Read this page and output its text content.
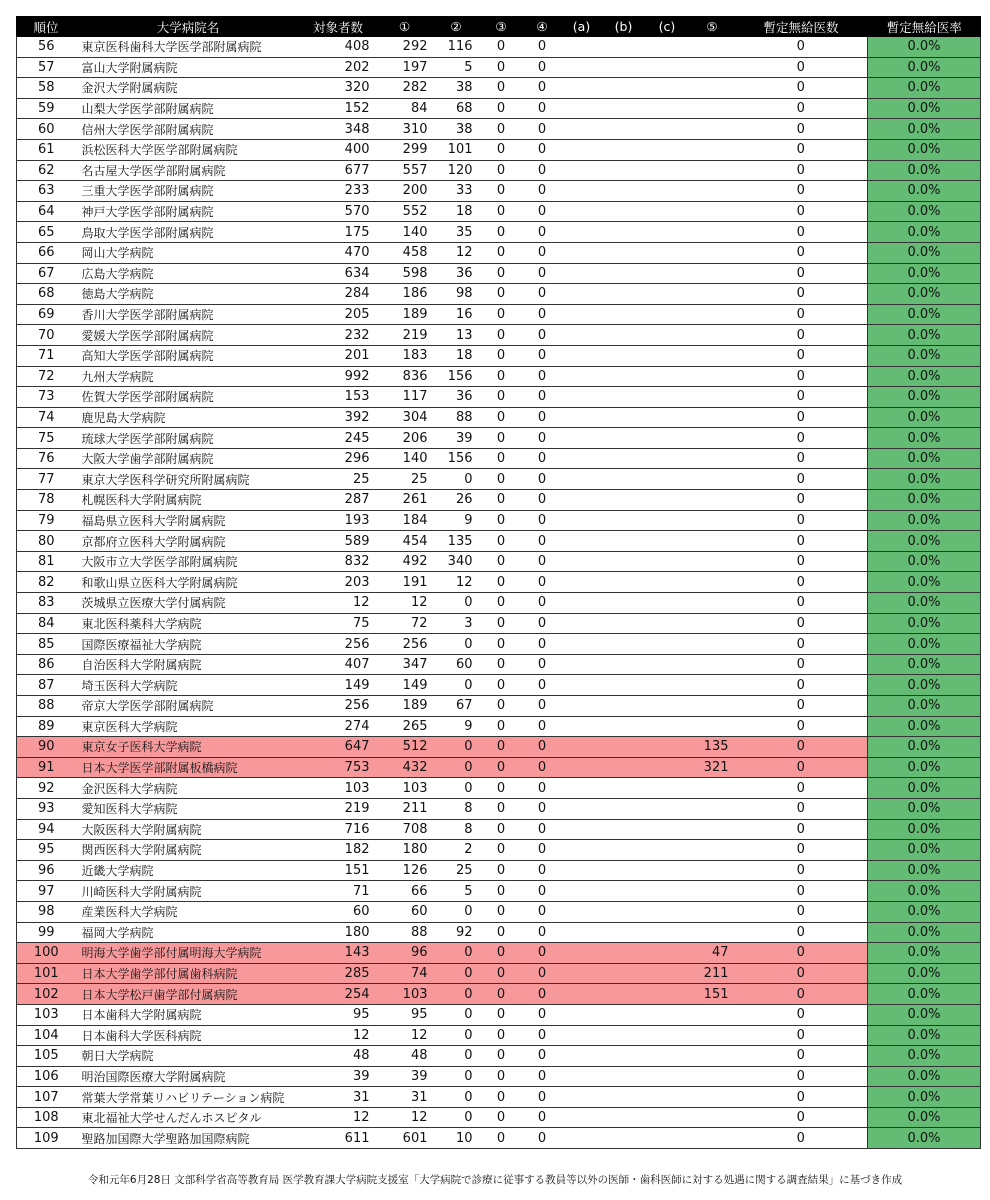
順位	大学病院名	対象者数	①	②	③	④	(a)	(b)	(c)	⑤	暫定無給医数	暫定無給医率
56	東京医科歯科大学医学部附属病院	408	292	116	0	0					0	0.0%
57	富山大学附属病院	202	197	5	0	0					0	0.0%
58	金沢大学附属病院	320	282	38	0	0					0	0.0%
59	山梨大学医学部附属病院	152	84	68	0	0					0	0.0%
60	信州大学医学部附属病院	348	310	38	0	0					0	0.0%
61	浜松医科大学医学部附属病院	400	299	101	0	0					0	0.0%
62	名古屋大学医学部附属病院	677	557	120	0	0					0	0.0%
63	三重大学医学部附属病院	233	200	33	0	0					0	0.0%
64	神戸大学医学部附属病院	570	552	18	0	0					0	0.0%
65	鳥取大学医学部附属病院	175	140	35	0	0					0	0.0%
66	岡山大学病院	470	458	12	0	0					0	0.0%
67	広島大学病院	634	598	36	0	0					0	0.0%
68	徳島大学病院	284	186	98	0	0					0	0.0%
69	香川大学医学部附属病院	205	189	16	0	0					0	0.0%
70	愛媛大学医学部附属病院	232	219	13	0	0					0	0.0%
71	高知大学医学部附属病院	201	183	18	0	0					0	0.0%
72	九州大学病院	992	836	156	0	0					0	0.0%
73	佐賀大学医学部附属病院	153	117	36	0	0					0	0.0%
74	鹿児島大学病院	392	304	88	0	0					0	0.0%
75	琉球大学医学部附属病院	245	206	39	0	0					0	0.0%
76	大阪大学歯学部附属病院	296	140	156	0	0					0	0.0%
77	東京大学医科学研究所附属病院	25	25	0	0	0					0	0.0%
78	札幌医科大学附属病院	287	261	26	0	0					0	0.0%
79	福島県立医科大学附属病院	193	184	9	0	0					0	0.0%
80	京都府立医科大学附属病院	589	454	135	0	0					0	0.0%
81	大阪市立大学医学部附属病院	832	492	340	0	0					0	0.0%
82	和歌山県立医科大学附属病院	203	191	12	0	0					0	0.0%
83	茨城県立医療大学付属病院	12	12	0	0	0					0	0.0%
84	東北医科薬科大学病院	75	72	3	0	0					0	0.0%
85	国際医療福祉大学病院	256	256	0	0	0					0	0.0%
86	自治医科大学附属病院	407	347	60	0	0					0	0.0%
87	埼玉医科大学病院	149	149	0	0	0					0	0.0%
88	帝京大学医学部附属病院	256	189	67	0	0					0	0.0%
89	東京医科大学病院	274	265	9	0	0					0	0.0%
90	東京女子医科大学病院	647	512	0	0	0				135	0	0.0%
91	日本大学医学部附属板橋病院	753	432	0	0	0				321	0	0.0%
92	金沢医科大学病院	103	103	0	0	0					0	0.0%
93	愛知医科大学病院	219	211	8	0	0					0	0.0%
94	大阪医科大学附属病院	716	708	8	0	0					0	0.0%
95	関西医科大学附属病院	182	180	2	0	0					0	0.0%
96	近畿大学病院	151	126	25	0	0					0	0.0%
97	川崎医科大学附属病院	71	66	5	0	0					0	0.0%
98	産業医科大学病院	60	60	0	0	0					0	0.0%
99	福岡大学病院	180	88	92	0	0					0	0.0%
100	明海大学歯学部付属明海大学病院	143	96	0	0	0				47	0	0.0%
101	日本大学歯学部付属歯科病院	285	74	0	0	0				211	0	0.0%
102	日本大学松戸歯学部付属病院	254	103	0	0	0				151	0	0.0%
103	日本歯科大学附属病院	95	95	0	0	0					0	0.0%
104	日本歯科大学医科病院	12	12	0	0	0					0	0.0%
105	朝日大学病院	48	48	0	0	0					0	0.0%
106	明治国際医療大学附属病院	39	39	0	0	0					0	0.0%
107	常葉大学常葉リハビリテーション病院	31	31	0	0	0					0	0.0%
108	東北福祉大学せんだんホスピタル	12	12	0	0	0					0	0.0%
109	聖路加国際大学聖路加国際病院	611	601	10	0	0					0	0.0%
令和元年6月28日 文部科学省高等教育局 医学教育課大学病院支援室「大学病院で診療に従事する教員等以外の医師・歯科医師に対する処遇に関する調査結果」に基づき作成
